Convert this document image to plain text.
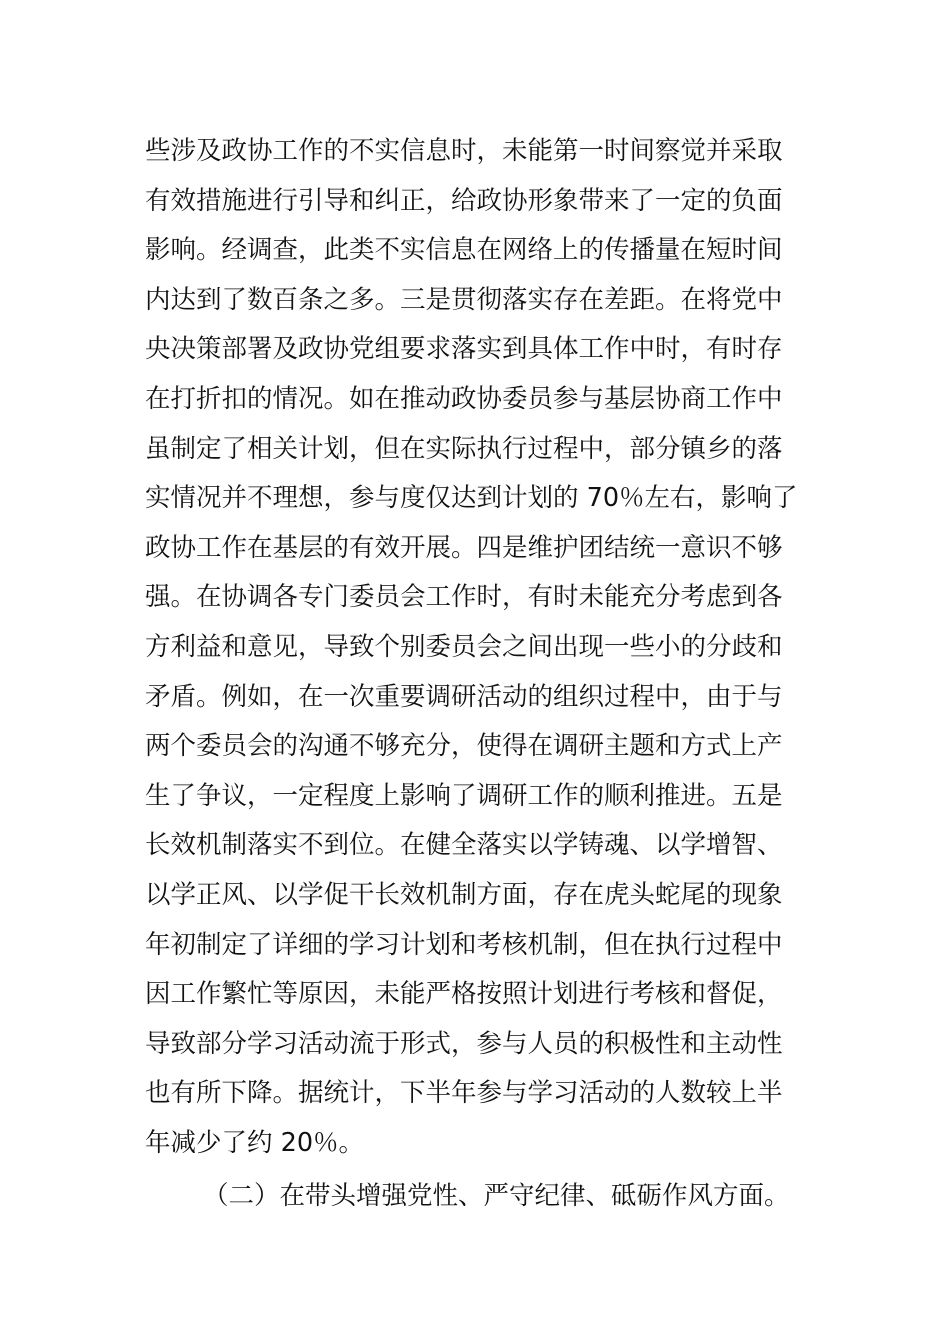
些涉及政协工作的不实信息时，未能第一时间察觉并采取
有效措施进行引导和纠正，给政协形象带来了一定的负面
影响。经调查，此类不实信息在网络上的传播量在短时间
内达到了数百条之多。三是贯彻落实存在差距。在将党中
央决策部署及政协党组要求落实到具体工作中时，有时存
在打折扣的情况。如在推动政协委员参与基层协商工作中
虽制定了相关计划，但在实际执行过程中，部分镇乡的落
实情况并不理想，参与度仅达到计划的 70％左右，影响了
政协工作在基层的有效开展。四是维护团结统一意识不够
强。在协调各专门委员会工作时，有时未能充分考虑到各
方利益和意见，导致个别委员会之间出现一些小的分歧和
矛盾。例如，在一次重要调研活动的组织过程中，由于与
两个委员会的沟通不够充分，使得在调研主题和方式上产
生了争议，一定程度上影响了调研工作的顺利推进。五是
长效机制落实不到位。在健全落实以学铸魂、以学增智、
以学正风、以学促干长效机制方面，存在虎头蛇尾的现象
年初制定了详细的学习计划和考核机制，但在执行过程中
因工作繁忙等原因，未能严格按照计划进行考核和督促，
导致部分学习活动流于形式，参与人员的积极性和主动性
也有所下降。据统计，下半年参与学习活动的人数较上半
年减少了约 20％。
（二）在带头增强党性、严守纪律、砥砺作风方面。
